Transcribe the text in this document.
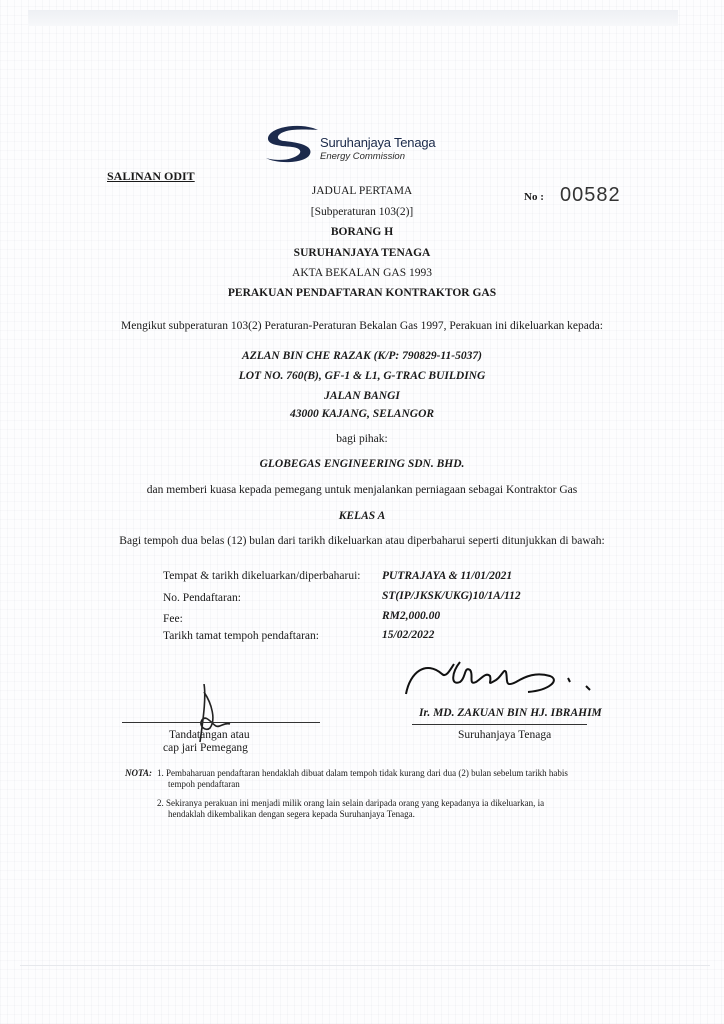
Suruhanjaya Tenaga
Energy Commission
SALINAN ODIT
JADUAL PERTAMA
[Subperaturan 103(2)]
BORANG H
SURUHANJAYA TENAGA
AKTA BEKALAN GAS 1993
PERAKUAN PENDAFTARAN KONTRAKTOR GAS
No : 00582
Mengikut subperaturan 103(2) Peraturan-Peraturan Bekalan Gas 1997, Perakuan ini dikeluarkan kepada:
AZLAN BIN CHE RAZAK (K/P: 790829-11-5037)
LOT NO. 760(B), GF-1 & L1, G-TRAC BUILDING
JALAN BANGI
43000 KAJANG, SELANGOR
bagi pihak:
GLOBEGAS ENGINEERING SDN. BHD.
dan memberi kuasa kepada pemegang untuk menjalankan perniagaan sebagai Kontraktor Gas
KELAS A
Bagi tempoh dua belas (12) bulan dari tarikh dikeluarkan atau diperbaharui seperti ditunjukkan di bawah:
Tempat & tarikh dikeluarkan/diperbaharui: PUTRAJAYA & 11/01/2021
No. Pendaftaran:	ST(IP/JKSK/UKG)10/1A/112
Fee:	RM2,000.00
Tarikh tamat tempoh pendaftaran:	15/02/2022
Tandatangan atau
cap jari Pemegang
Ir. MD. ZAKUAN BIN HJ. IBRAHIM
Suruhanjaya Tenaga
NOTA: 1. Pembaharuan pendaftaran hendaklah dibuat dalam tempoh tidak kurang dari dua (2) bulan sebelum tarikh habis
tempoh pendaftaran
2. Sekiranya perakuan ini menjadi milik orang lain selain daripada orang yang kepadanya ia dikeluarkan, ia
hendaklah dikembalikan dengan segera kepada Suruhanjaya Tenaga.
